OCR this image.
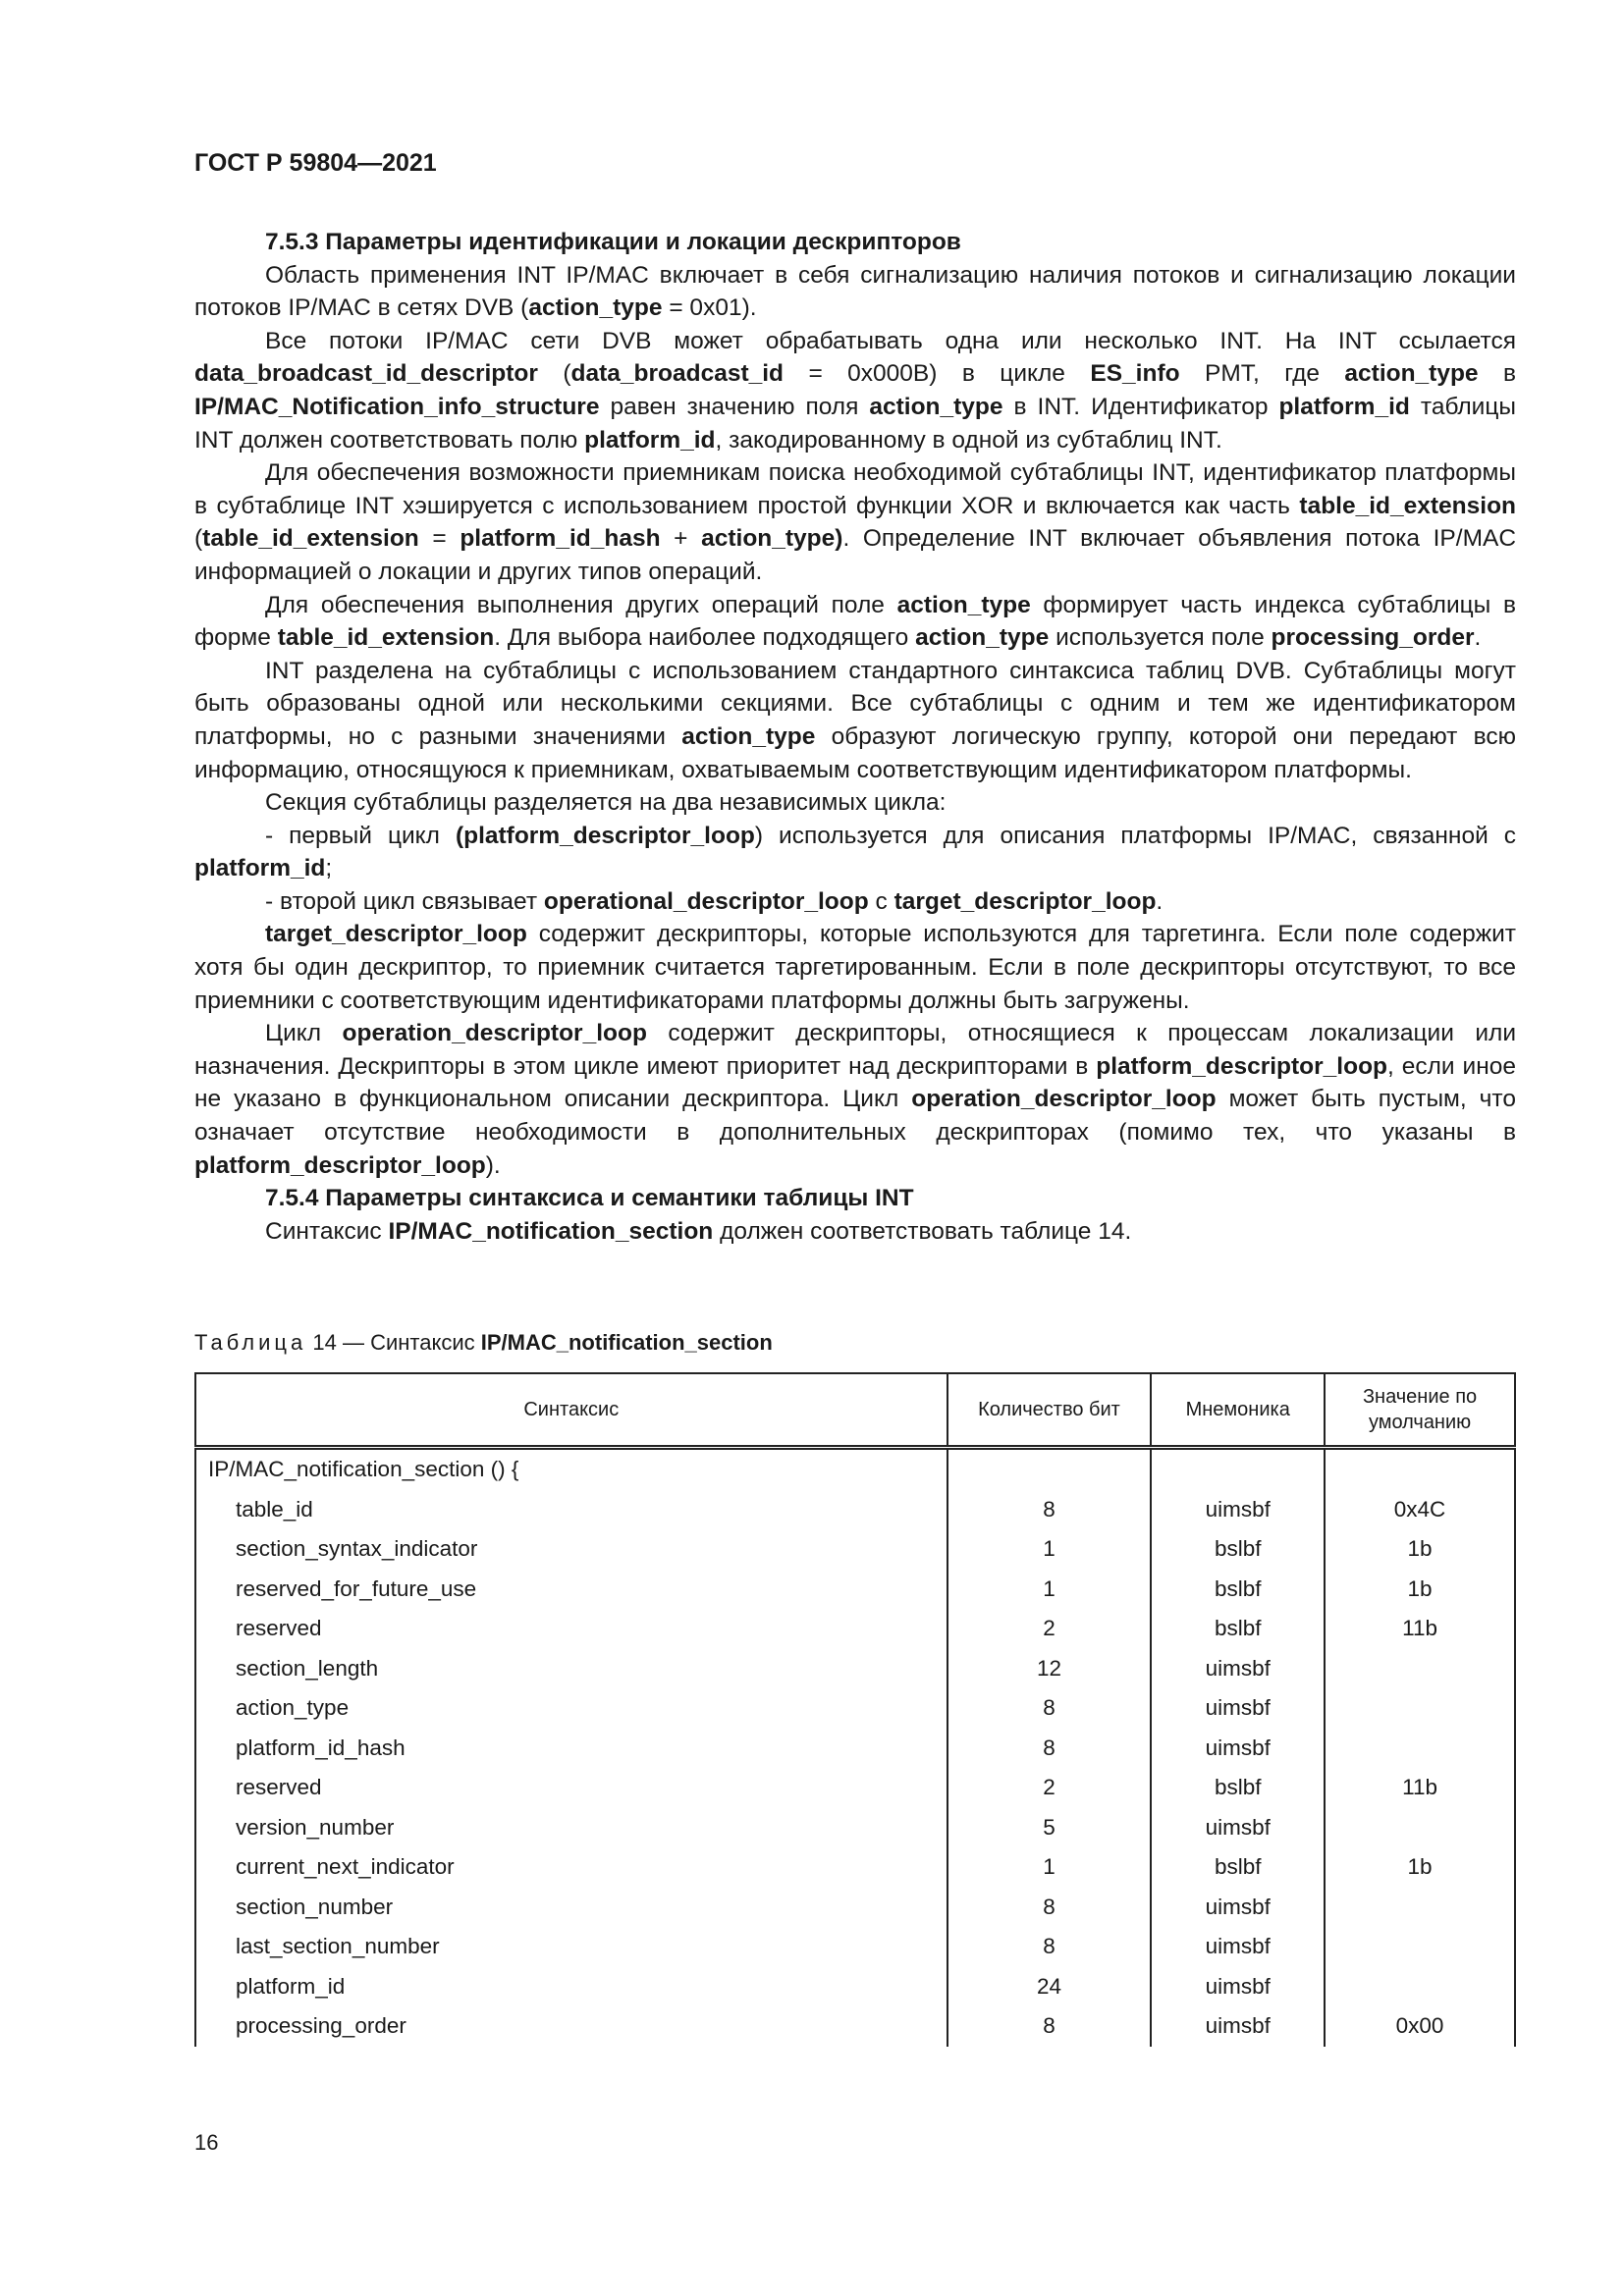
ГОСТ Р 59804—2021

7.5.3 Параметры идентификации и локации дескрипторов

Область применения INT IP/MAC включает в себя сигнализацию наличия потоков и сигнализацию локации потоков IP/MAC в сетях DVB (action_type = 0x01).

Все потоки IP/MAC сети DVB может обрабатывать одна или несколько INT. На INT ссылается data_broadcast_id_descriptor (data_broadcast_id = 0x000B) в цикле ES_info PMT, где action_type в IP/MAC_Notification_info_structure равен значению поля action_type в INT. Идентификатор platform_id таблицы INT должен соответствовать полю platform_id, закодированному в одной из субтаблиц INT.

Для обеспечения возможности приемникам поиска необходимой субтаблицы INT, идентификатор платформы в субтаблице INT хэшируется с использованием простой функции XOR и включается как часть table_id_extension (table_id_extension = platform_id_hash + action_type). Определение INT включает объявления потока IP/MAC информацией о локации и других типов операций.

Для обеспечения выполнения других операций поле action_type формирует часть индекса субтаблицы в форме table_id_extension. Для выбора наиболее подходящего action_type используется поле processing_order.

INT разделена на субтаблицы с использованием стандартного синтаксиса таблиц DVB. Субтаблицы могут быть образованы одной или несколькими секциями. Все субтаблицы с одним и тем же идентификатором платформы, но с разными значениями action_type образуют логическую группу, которой они передают всю информацию, относящуюся к приемникам, охватываемым соответствующим идентификатором платформы.

Секция субтаблицы разделяется на два независимых цикла:

- первый цикл (platform_descriptor_loop) используется для описания платформы IP/MAC, связанной с platform_id;

- второй цикл связывает operational_descriptor_loop с target_descriptor_loop.

target_descriptor_loop содержит дескрипторы, которые используются для таргетинга. Если поле содержит хотя бы один дескриптор, то приемник считается таргетированным. Если в поле дескрипторы отсутствуют, то все приемники с соответствующим идентификаторами платформы должны быть загружены.

Цикл operation_descriptor_loop содержит дескрипторы, относящиеся к процессам локализации или назначения. Дескрипторы в этом цикле имеют приоритет над дескрипторами в platform_descriptor_loop, если иное не указано в функциональном описании дескриптора. Цикл operation_descriptor_loop может быть пустым, что означает отсутствие необходимости в дополнительных дескрипторах (помимо тех, что указаны в platform_descriptor_loop).

7.5.4 Параметры синтаксиса и семантики таблицы INT

Синтаксис IP/MAC_notification_section должен соответствовать таблице 14.

Таблица 14 — Синтаксис IP/MAC_notification_section
Синтаксис	Количество бит	Мнемоника	Значение по умолчанию
IP/MAC_notification_section () {			
table_id	8	uimsbf	0x4C
section_syntax_indicator	1	bslbf	1b
reserved_for_future_use	1	bslbf	1b
reserved	2	bslbf	11b
section_length	12	uimsbf	
action_type	8	uimsbf	
platform_id_hash	8	uimsbf	
reserved	2	bslbf	11b
version_number	5	uimsbf	
current_next_indicator	1	bslbf	1b
section_number	8	uimsbf	
last_section_number	8	uimsbf	
platform_id	24	uimsbf	
processing_order	8	uimsbf	0x00
16
